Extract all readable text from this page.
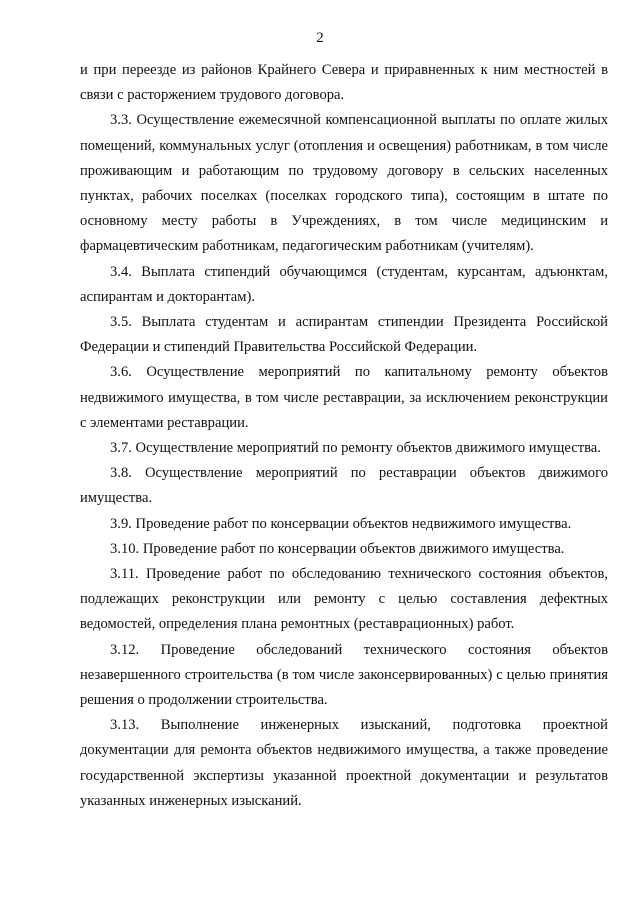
2

и при переезде из районов Крайнего Севера и приравненных к ним местностей в связи с расторжением трудового договора.

3.3. Осуществление ежемесячной компенсационной выплаты по оплате жилых помещений, коммунальных услуг (отопления и освещения) работникам, в том числе проживающим и работающим по трудовому договору в сельских населенных пунктах, рабочих поселках (поселках городского типа), состоящим в штате по основному месту работы в Учреждениях, в том числе медицинским и фармацевтическим работникам, педагогическим работникам (учителям).

3.4. Выплата стипендий обучающимся (студентам, курсантам, адъюнктам, аспирантам и докторантам).

3.5. Выплата студентам и аспирантам стипендии Президента Российской Федерации и стипендий Правительства Российской Федерации.

3.6. Осуществление мероприятий по капитальному ремонту объектов недвижимого имущества, в том числе реставрации, за исключением реконструкции с элементами реставрации.

3.7. Осуществление мероприятий по ремонту объектов движимого имущества.

3.8. Осуществление мероприятий по реставрации объектов движимого имущества.

3.9. Проведение работ по консервации объектов недвижимого имущества.

3.10. Проведение работ по консервации объектов движимого имущества.

3.11. Проведение работ по обследованию технического состояния объектов, подлежащих реконструкции или ремонту с целью составления дефектных ведомостей, определения плана ремонтных (реставрационных) работ.

3.12. Проведение обследований технического состояния объектов незавершенного строительства (в том числе законсервированных) с целью принятия решения о продолжении строительства.

3.13. Выполнение инженерных изысканий, подготовка проектной документации для ремонта объектов недвижимого имущества, а также проведение государственной экспертизы указанной проектной документации и результатов указанных инженерных изысканий.
